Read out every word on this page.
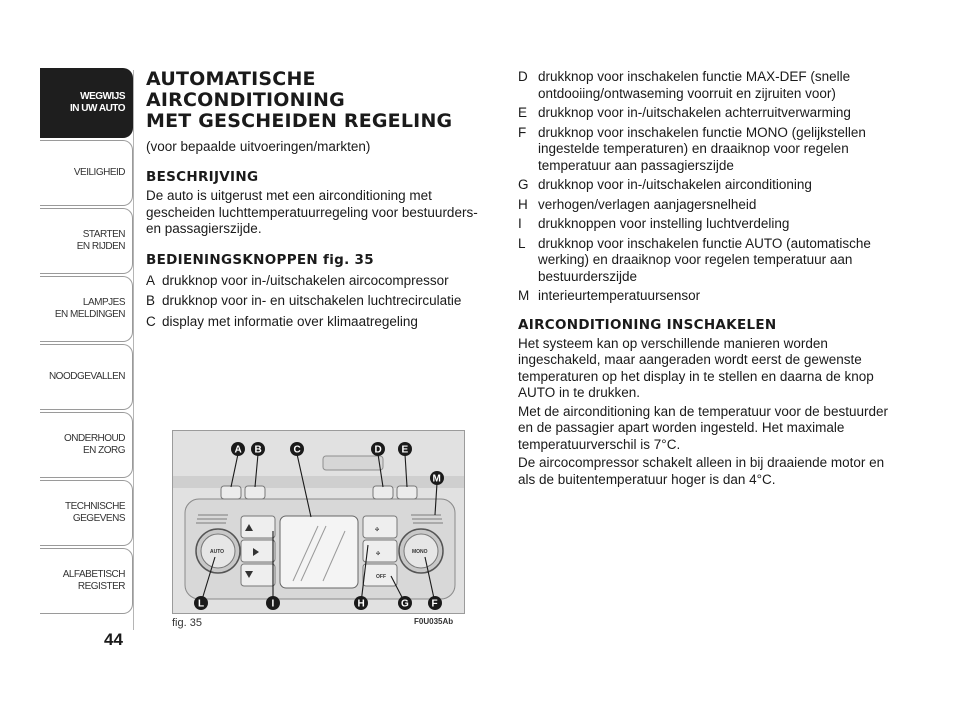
WEGWIJS
IN UW AUTO
VEILIGHEID
STARTEN
EN RIJDEN
LAMPJES
EN MELDINGEN
NOODGEVALLEN
ONDERHOUD
EN ZORG
TECHNISCHE
GEGEVENS
ALFABETISCH
REGISTER
44
AUTOMATISCHE AIRCONDITIONING
MET GESCHEIDEN REGELING

(voor bepaalde uitvoeringen/markten)

BESCHRIJVING

De auto is uitgerust met een airconditioning met gescheiden luchttemperatuurregeling voor bestuurders- en passagierszijde.

BEDIENINGSKNOPPEN fig. 35
A drukknop voor in-/uitschakelen aircocompressor
B drukknop voor in- en uitschakelen luchtrecirculatie
C display met informatie over klimaatregeling
D drukknop voor inschakelen functie MAX-DEF (snelle ontdooiing/ontwaseming voorruit en zijruiten voor)
E drukknop voor in-/uitschakelen achterruitverwarming
F drukknop voor inschakelen functie MONO (gelijkstellen ingestelde temperaturen) en draaiknop voor regelen temperatuur aan passagierszijde
G drukknop voor in-/uitschakelen airconditioning
H verhogen/verlagen aanjagersnelheid
I	drukknoppen voor instelling luchtverdeling
L drukknop voor inschakelen functie AUTO (automatische werking) en draaiknop voor regelen temperatuur aan bestuurderszijde
M interieurtemperatuursensor
AIRCONDITIONING INSCHAKELEN

Het systeem kan op verschillende manieren worden ingeschakeld, maar aangeraden wordt eerst de gewenste temperaturen op het display in te stellen en daarna de knop AUTO in te drukken.

Met de airconditioning kan de temperatuur voor de bestuurder en de passagier apart worden ingesteld. Het maximale temperatuurverschil is 7°C.

De aircocompressor schakelt alleen in bij draaiende motor en als de buitentemperatuur hoger is dan 4°C.

✣
✣
OFF
AUTO	MONO
A B	C	D E
M
L	I	H	G F
fig. 35	F0U035Ab
